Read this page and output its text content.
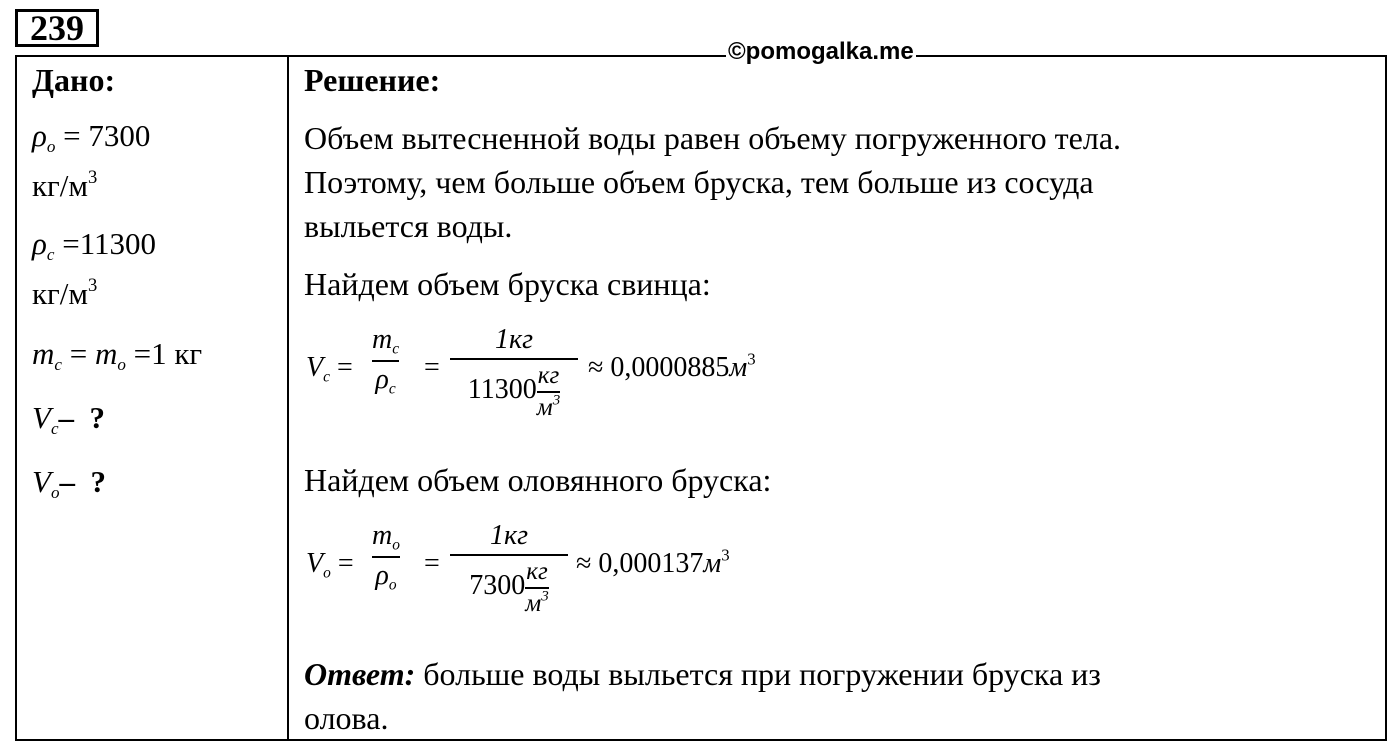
239
©pomogalka.me
Дано:
$\rho_o = 7300$
$кг/м^3$
$\rho_c =11300$
$кг/м^3$
$m_c = m_o =1$ кг
$V_c-$  ?
$V_o-$  ?
Решение:
Объем вытесненной воды равен объему погруженного тела.
Поэтому, чем больше объем бруска, тем больше из сосуда
выльется воды.
Найдем объем бруска свинца:
$V_c$ =
$m_c$
$\rho_c$
=
1кг
$11300 \frac{кг}{м^3} \approx 0,0000885м^3$
Найдем объем оловянного бруска:
$V_o$ =
$m_o$
$\rho_o$
=
1кг
$7300 \frac{кг}{м^3} \approx 0,000137м^3$
Ответ: больше воды выльется при погружении бруска из
олова.
